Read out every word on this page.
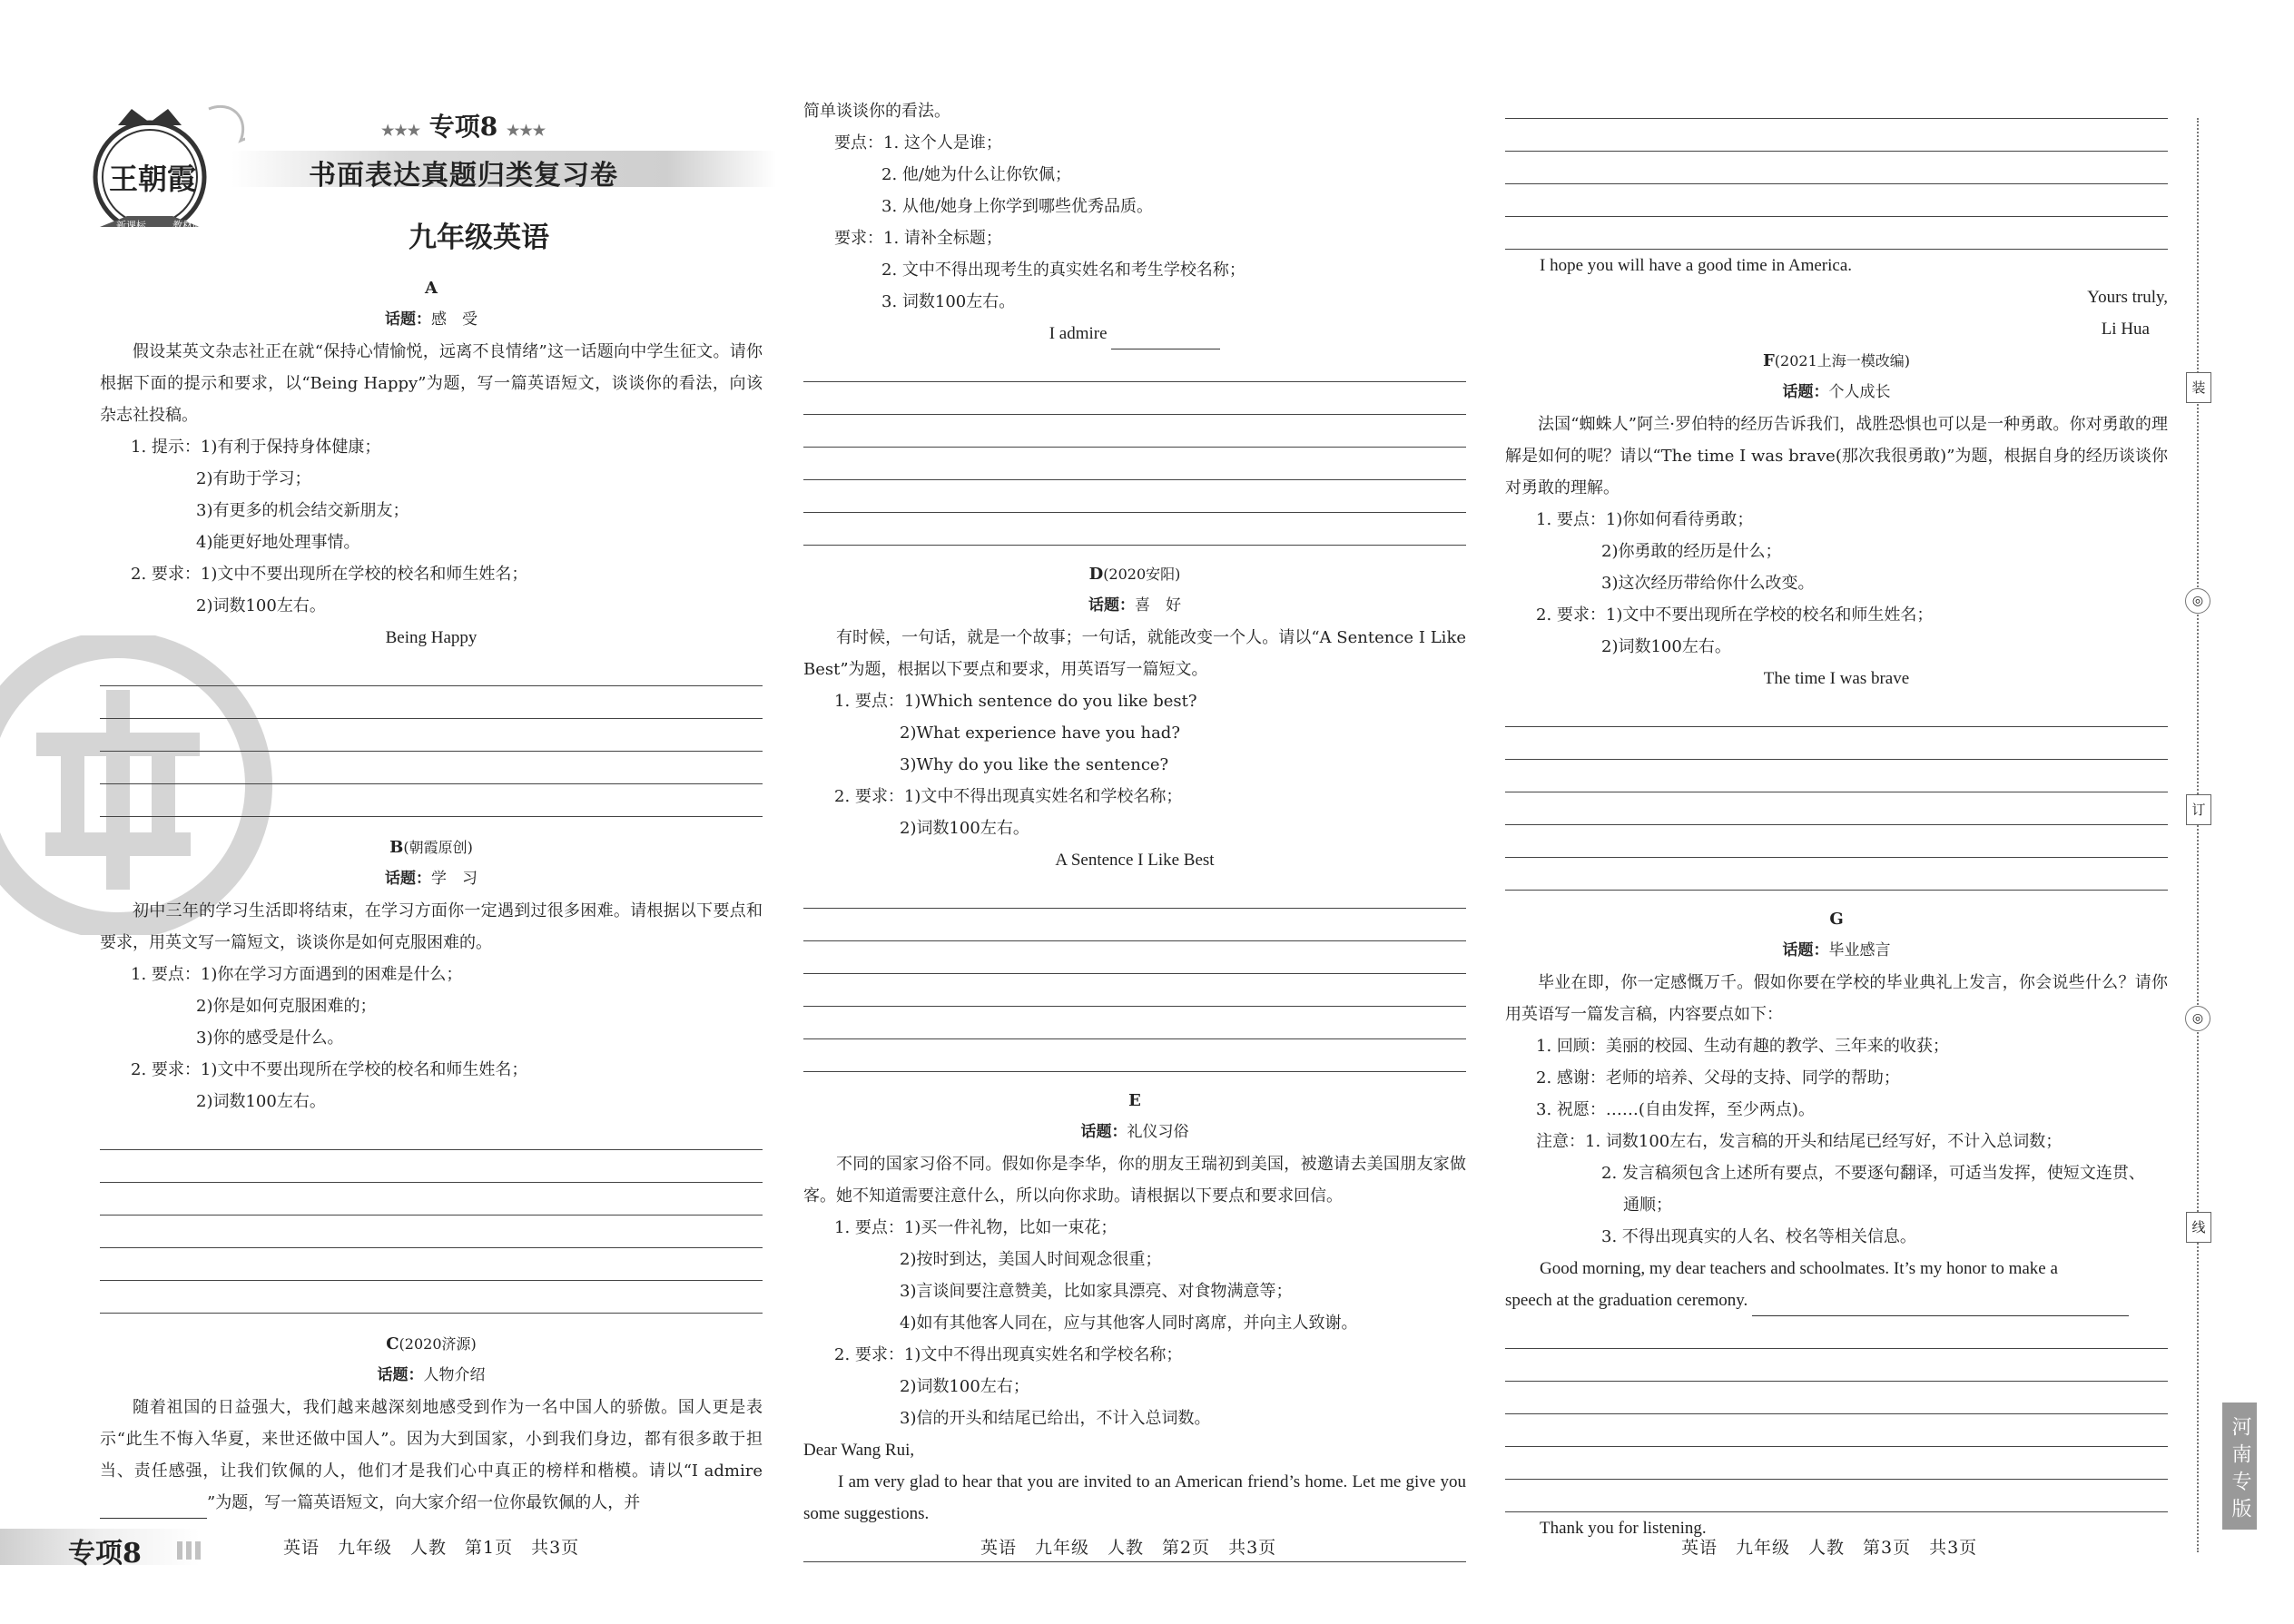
王朝霞
新课标	教材同步
★★★ 专项8 ★★★
书面表达真题归类复习卷
九年级英语

A

话题：感　受

假设某英文杂志社正在就“保持心情愉悦，远离不良情绪”这一话题向中学生征文。请你根据下面的提示和要求，以“Being Happy”为题，写一篇英语短文，谈谈你的看法，向该杂志社投稿。

1. 提示：1)有利于保持身体健康；

2)有助于学习；

3)有更多的机会结交新朋友；

4)能更好地处理事情。

2. 要求：1)文中不要出现所在学校的校名和师生姓名；

2)词数100左右。

Being Happy

B(朝霞原创)

话题：学　习

初中三年的学习生活即将结束，在学习方面你一定遇到过很多困难。请根据以下要点和要求，用英文写一篇短文，谈谈你是如何克服困难的。

1. 要点：1)你在学习方面遇到的困难是什么；

2)你是如何克服困难的；

3)你的感受是什么。

2. 要求：1)文中不要出现所在学校的校名和师生姓名；

2)词数100左右。

C(2020济源)

话题：人物介绍

随着祖国的日益强大，我们越来越深刻地感受到作为一名中国人的骄傲。国人更是表示“此生不悔入华夏，来世还做中国人”。因为大到国家，小到我们身边，都有很多敢于担当、责任感强，让我们钦佩的人，他们才是我们心中真正的榜样和楷模。请以“I admire”为题，写一篇英语短文，向大家介绍一位你最钦佩的人，并

简单谈谈你的看法。

要点：1. 这个人是谁；

2. 他/她为什么让你钦佩；

3. 从他/她身上你学到哪些优秀品质。

要求：1. 请补全标题；

2. 文中不得出现考生的真实姓名和考生学校名称；

3. 词数100左右。

I admire

D(2020安阳)

话题：喜　好

有时候，一句话，就是一个故事；一句话，就能改变一个人。请以“A Sentence I Like Best”为题，根据以下要点和要求，用英语写一篇短文。

1. 要点：1)Which sentence do you like best?

2)What experience have you had?

3)Why do you like the sentence?

2. 要求：1)文中不得出现真实姓名和学校名称；

2)词数100左右。

A Sentence I Like Best

E

话题：礼仪习俗

不同的国家习俗不同。假如你是李华，你的朋友王瑞初到美国，被邀请去美国朋友家做客。她不知道需要注意什么，所以向你求助。请根据以下要点和要求回信。

1. 要点：1)买一件礼物，比如一束花；

2)按时到达，美国人时间观念很重；

3)言谈间要注意赞美，比如家具漂亮、对食物满意等；

4)如有其他客人同在，应与其他客人同时离席，并向主人致谢。

2. 要求：1)文中不得出现真实姓名和学校名称；

2)词数100左右；

3)信的开头和结尾已给出，不计入总词数。

Dear Wang Rui,

I am very glad to hear that you are invited to an American friend’s home. Let me give you some suggestions.

I hope you will have a good time in America.

Yours truly,

Li Hua

F(2021上海一模改编)

话题：个人成长

法国“蜘蛛人”阿兰·罗伯特的经历告诉我们，战胜恐惧也可以是一种勇敢。你对勇敢的理解是如何的呢？请以“The time I was brave(那次我很勇敢)”为题，根据自身的经历谈谈你对勇敢的理解。

1. 要点：1)你如何看待勇敢；

2)你勇敢的经历是什么；

3)这次经历带给你什么改变。

2. 要求：1)文中不要出现所在学校的校名和师生姓名；

2)词数100左右。

The time I was brave

G

话题：毕业感言

毕业在即，你一定感慨万千。假如你要在学校的毕业典礼上发言，你会说些什么？请你用英语写一篇发言稿，内容要点如下：

1. 回顾：美丽的校园、生动有趣的教学、三年来的收获；

2. 感谢：老师的培养、父母的支持、同学的帮助；

3. 祝愿：……(自由发挥，至少两点)。

注意：1. 词数100左右，发言稿的开头和结尾已经写好，不计入总词数；

2. 发言稿须包含上述所有要点，不要逐句翻译，可适当发挥，使短文连贯、

通顺；

3. 不得出现真实的人名、校名等相关信息。

Good morning, my dear teachers and schoolmates. It’s my honor to make a

speech at the graduation ceremony.

Thank you for listening.

装
◎
订
◎
线
河南专版
专项8	英语　九年级　人教　第1页　共3页	英语　九年级　人教　第2页　共3页	英语　九年级　人教　第3页　共3页
